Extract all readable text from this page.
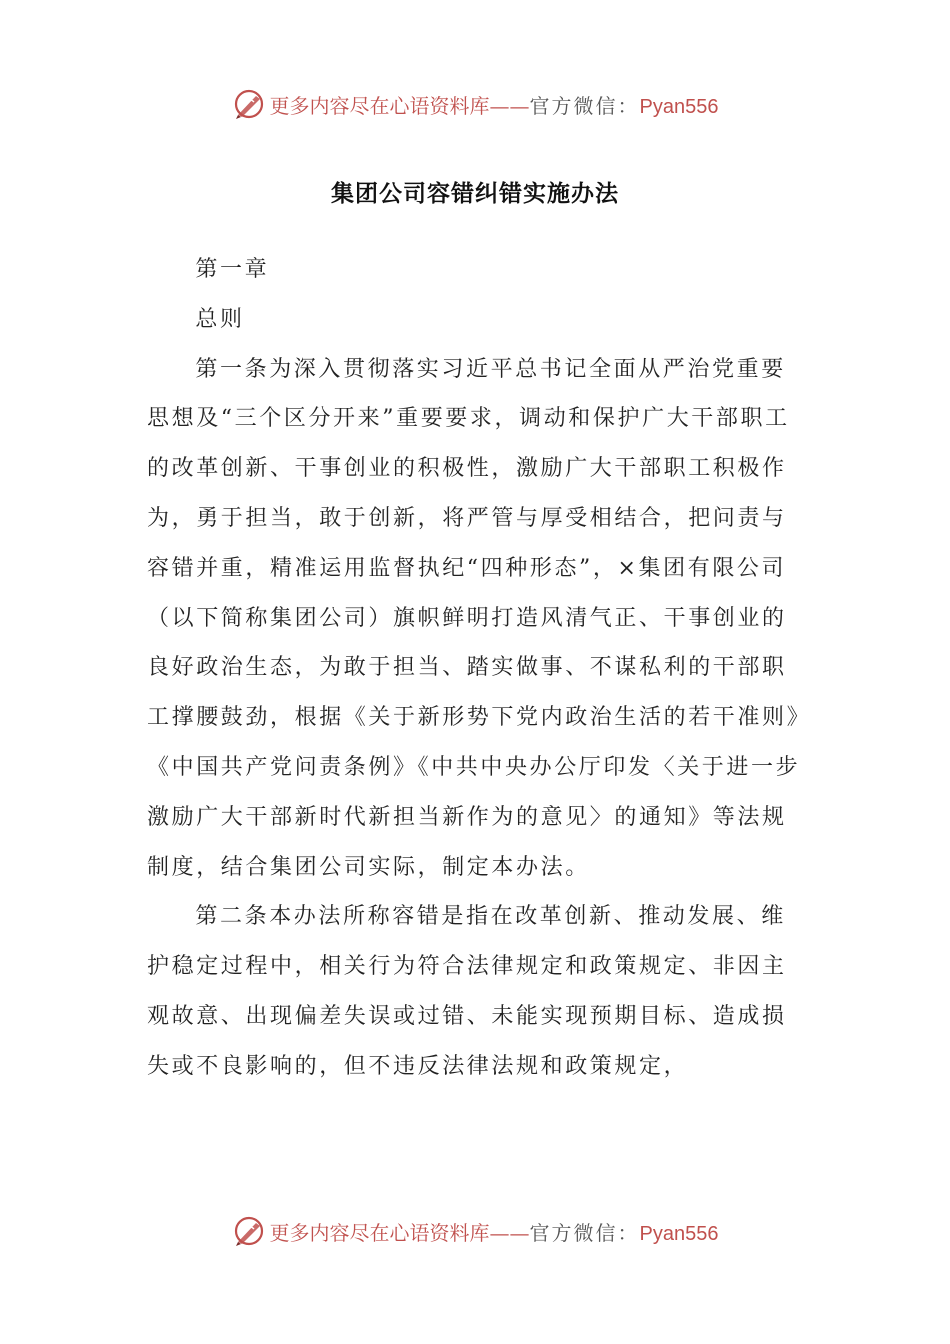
更多内容尽在心语资料库——官方微信：Pyan556
集团公司容错纠错实施办法

第一章

总则

第一条为深入贯彻落实习近平总书记全面从严治党重要思想及“三个区分开来”重要要求，调动和保护广大干部职工的改革创新、干事创业的积极性，激励广大干部职工积极作为，勇于担当，敢于创新，将严管与厚受相结合，把问责与容错并重，精准运用监督执纪“四种形态”，×集团有限公司（以下简称集团公司）旗帜鲜明打造风清气正、干事创业的良好政治生态，为敢于担当、踏实做事、不谋私利的干部职工撑腰鼓劲，根据《关于新形势下党内政治生活的若干准则》《中国共产党问责条例》《中共中央办公厅印发〈关于进一步激励广大干部新时代新担当新作为的意见〉的通知》等法规制度，结合集团公司实际，制定本办法。

第二条本办法所称容错是指在改革创新、推动发展、维护稳定过程中，相关行为符合法律规定和政策规定、非因主观故意、出现偏差失误或过错、未能实现预期目标、造成损失或不良影响的，但不违反法律法规和政策规定，

更多内容尽在心语资料库——官方微信：Pyan556
